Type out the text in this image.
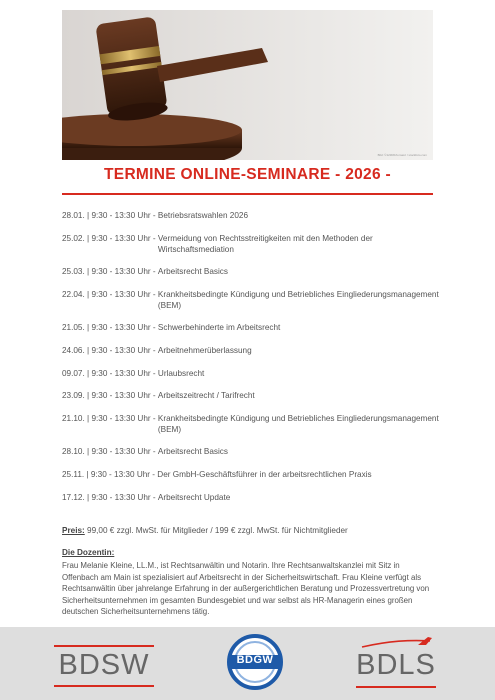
Bild: ©123RF/tomasz / stockfoto.com
TERMINE ONLINE-SEMINARE - 2026 -
28.01. | 9:30 - 13:30 Uhr - Betriebsratswahlen 2026
25.02. | 9:30 - 13:30 Uhr - Vermeidung von Rechtsstreitigkeiten mit den Methoden der Wirtschaftsmediation
25.03. | 9:30 - 13:30 Uhr - Arbeitsrecht Basics
22.04. | 9:30 - 13:30 Uhr - Krankheitsbedingte Kündigung und Betriebliches Eingliederungsmanagement (BEM)
21.05. | 9:30 - 13:30 Uhr - Schwerbehinderte im Arbeitsrecht
24.06. | 9:30 - 13:30 Uhr - Arbeitnehmerüberlassung
09.07. | 9:30 - 13:30 Uhr - Urlaubsrecht
23.09. | 9:30 - 13:30 Uhr - Arbeitszeitrecht / Tarifrecht
21.10. | 9:30 - 13:30 Uhr - Krankheitsbedingte Kündigung und Betriebliches Eingliederungsmanagement (BEM)
28.10. | 9:30 - 13:30 Uhr - Arbeitsrecht Basics
25.11. | 9:30 - 13:30 Uhr - Der GmbH-Geschäftsführer in der arbeitsrechtlichen Praxis
17.12. | 9:30 - 13:30 Uhr - Arbeitsrecht Update
Preis: 99,00 € zzgl. MwSt. für Mitglieder / 199 € zzgl. MwSt. für Nichtmitglieder
Die Dozentin:
Frau Melanie Kleine, LL.M., ist Rechtsanwältin und Notarin. Ihre Rechtsanwaltskanzlei mit Sitz in Offenbach am Main ist spezialisiert auf Arbeitsrecht in der Sicherheitswirtschaft. Frau Kleine verfügt als Rechtsanwältin über jahrelange Erfahrung in der außergerichtlichen Beratung und Prozessvertretung von Sicherheitsunternehmen im gesamten Bundesgebiet und war selbst als HR-Managerin eines großen deutschen Sicherheitsunternehmens tätig.
BDSW	BDGW	BDLS
